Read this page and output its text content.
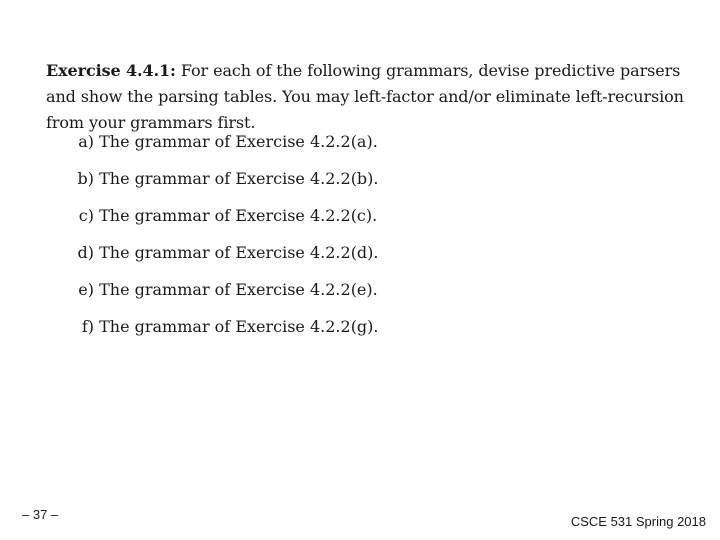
Exercise 4.4.1: For each of the following grammars, devise predictive parsers and show the parsing tables. You may left-factor and/or eliminate left-recursion from your grammars first.

a) The grammar of Exercise 4.2.2(a).
b) The grammar of Exercise 4.2.2(b).
c) The grammar of Exercise 4.2.2(c).
d) The grammar of Exercise 4.2.2(d).
e) The grammar of Exercise 4.2.2(e).
f) The grammar of Exercise 4.2.2(g).
– 37 –	CSCE 531 Spring 2018
